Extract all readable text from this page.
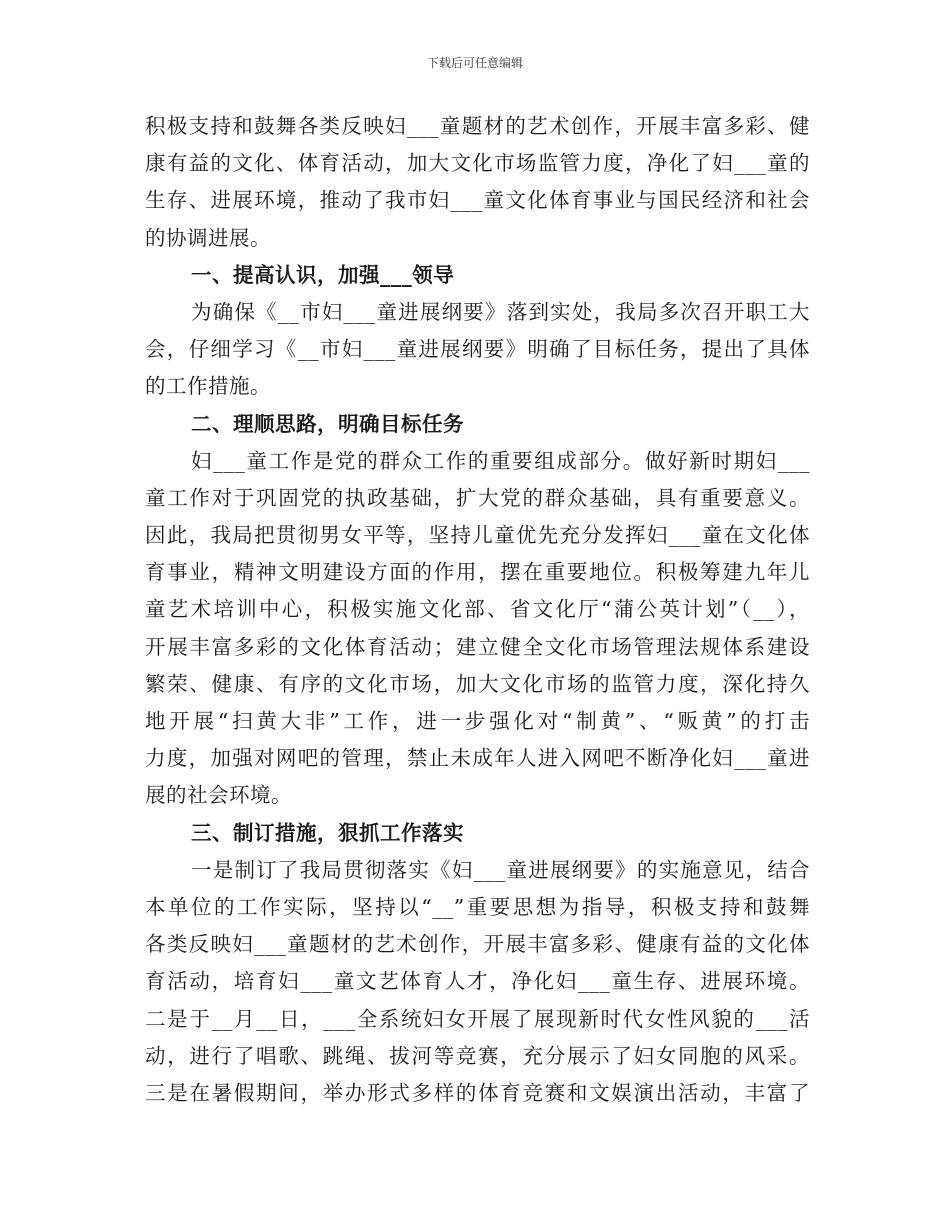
下载后可任意编辑
积极支持和鼓舞各类反映妇___童题材的艺术创作，开展丰富多彩、健
康有益的文化、体育活动，加大文化市场监管力度，净化了妇___童的
生存、进展环境，推动了我市妇___童文化体育事业与国民经济和社会
的协调进展。
一、提高认识，加强___领导
为确保《__市妇___童进展纲要》落到实处，我局多次召开职工大
会，仔细学习《__市妇___童进展纲要》明确了目标任务，提出了具体
的工作措施。
二、理顺思路，明确目标任务
妇___童工作是党的群众工作的重要组成部分。做好新时期妇___
童工作对于巩固党的执政基础，扩大党的群众基础，具有重要意义。
因此，我局把贯彻男女平等，坚持儿童优先充分发挥妇___童在文化体
育事业，精神文明建设方面的作用，摆在重要地位。积极筹建九年儿
童艺术培训中心，积极实施文化部、省文化厅“蒲公英计划”（__），
开展丰富多彩的文化体育活动；建立健全文化市场管理法规体系建设
繁荣、健康、有序的文化市场，加大文化市场的监管力度，深化持久
地开展“扫黄大非”工作，进一步强化对“制黄”、“贩黄”的打击
力度，加强对网吧的管理，禁止未成年人进入网吧不断净化妇___童进
展的社会环境。
三、制订措施，狠抓工作落实
一是制订了我局贯彻落实《妇___童进展纲要》的实施意见，结合
本单位的工作实际，坚持以“__”重要思想为指导，积极支持和鼓舞
各类反映妇___童题材的艺术创作，开展丰富多彩、健康有益的文化体
育活动，培育妇___童文艺体育人才，净化妇___童生存、进展环境。
二是于__月__日，___全系统妇女开展了展现新时代女性风貌的___活
动，进行了唱歌、跳绳、拔河等竞赛，充分展示了妇女同胞的风采。
三是在暑假期间，举办形式多样的体育竞赛和文娱演出活动，丰富了
